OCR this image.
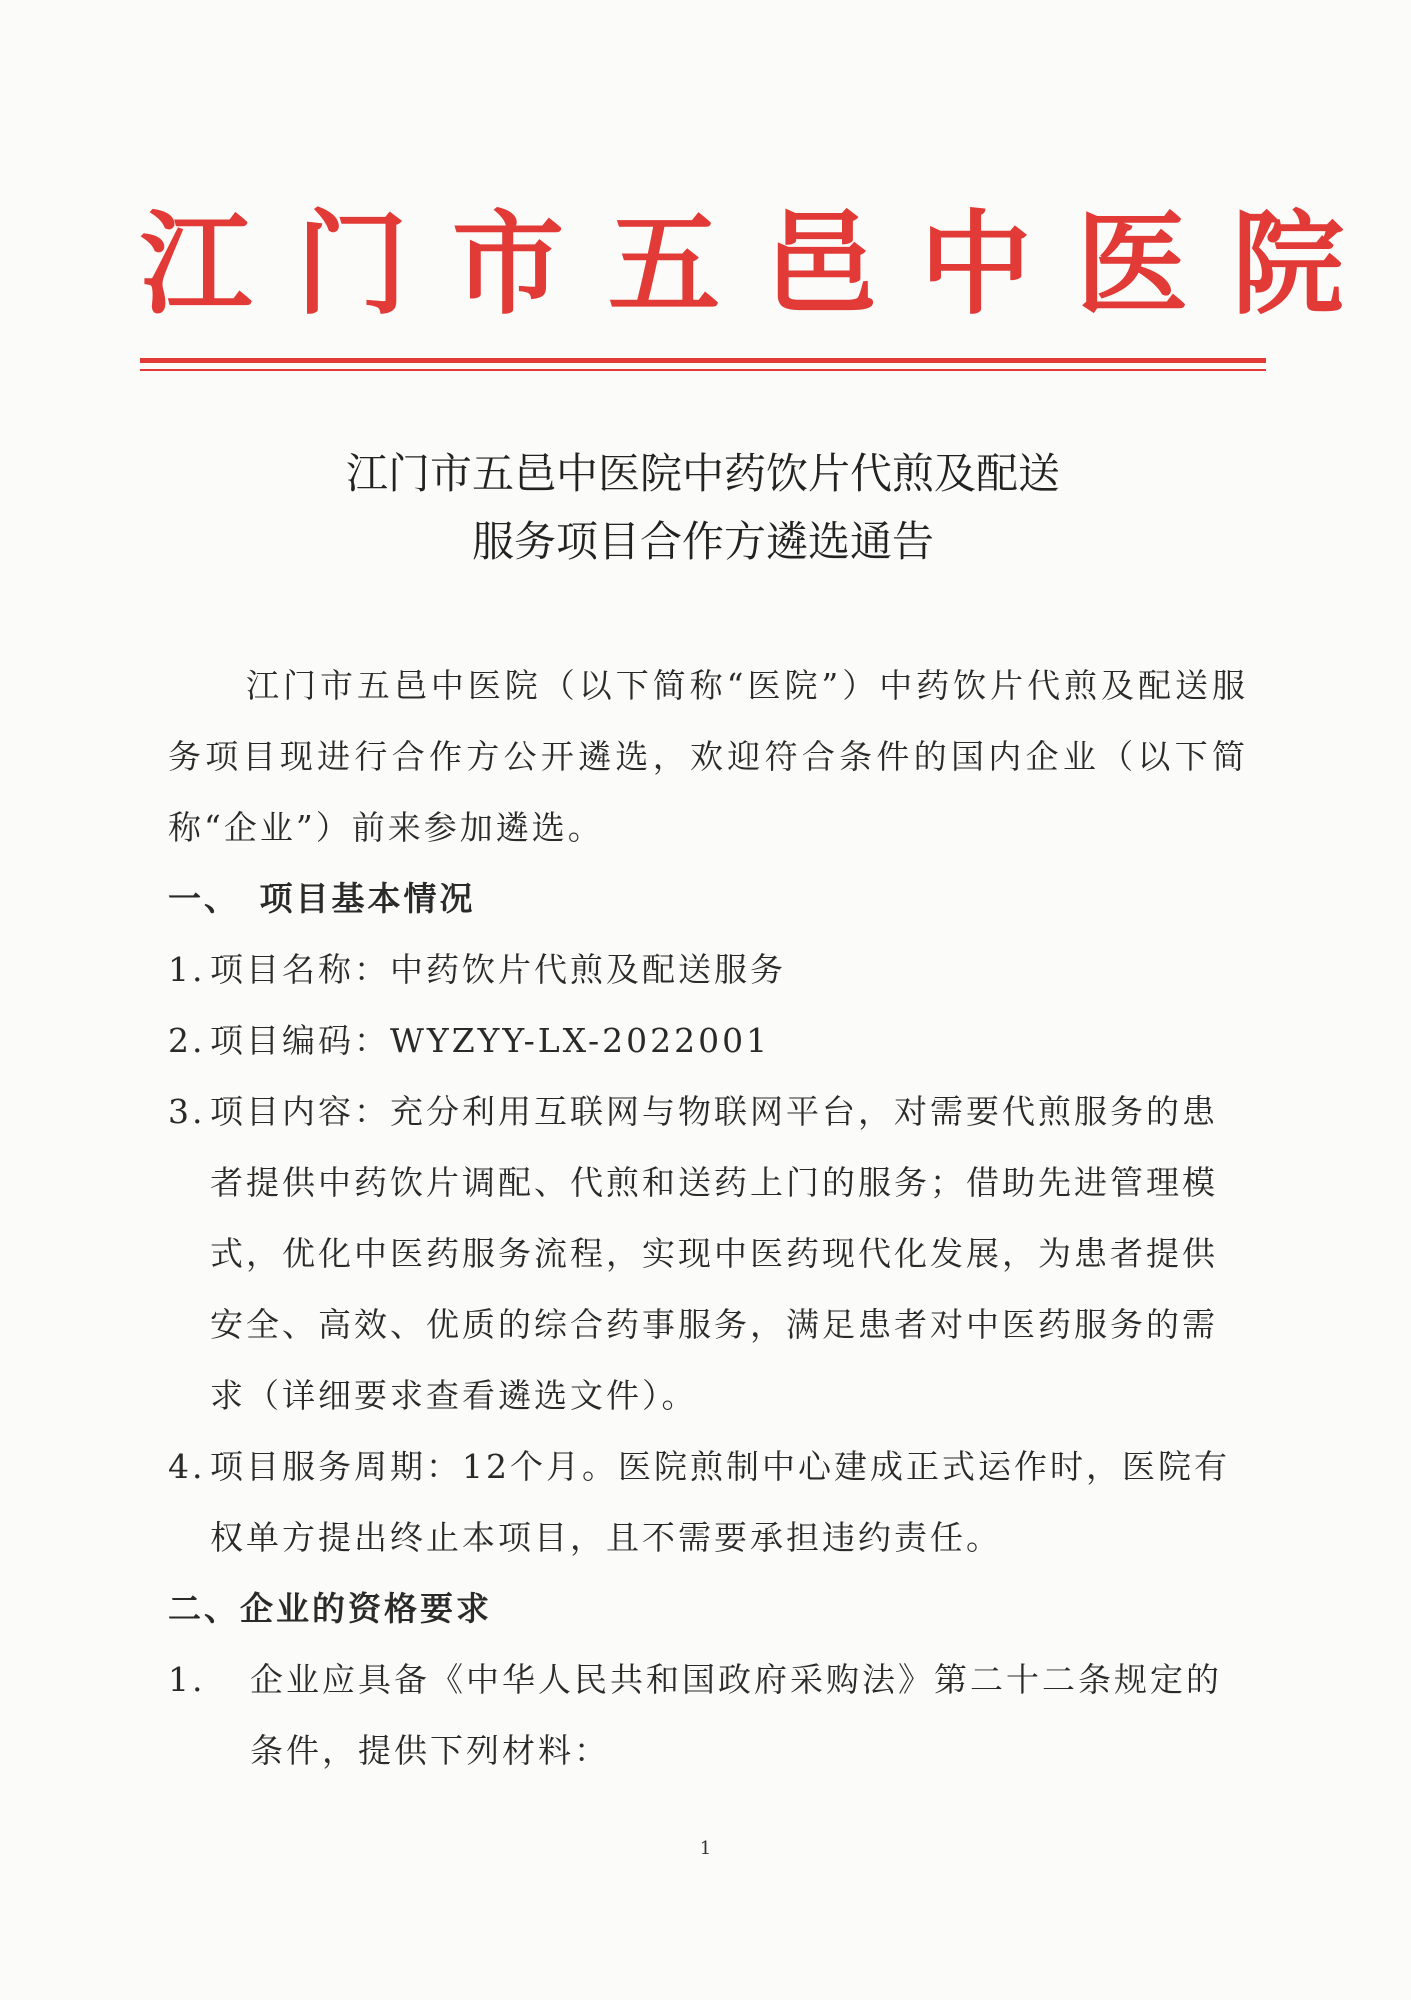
江门市五邑中医院
江门市五邑中医院中药饮片代煎及配送
服务项目合作方遴选通告

江门市五邑中医院（以下简称“医院”）中药饮片代煎及配送服务项目现进行合作方公开遴选，欢迎符合条件的国内企业（以下简称“企业”）前来参加遴选。

一、　项目基本情况

1. 项目名称：中药饮片代煎及配送服务
2. 项目编码：WYZYY-LX-2022001
3. 项目内容：充分利用互联网与物联网平台，对需要代煎服务的患者提供中药饮片调配、代煎和送药上门的服务；借助先进管理模式，优化中医药服务流程，实现中医药现代化发展，为患者提供安全、高效、优质的综合药事服务，满足患者对中医药服务的需求（详细要求查看遴选文件）。
4. 项目服务周期：12个月。医院煎制中心建成正式运作时，医院有权单方提出终止本项目，且不需要承担违约责任。

二、企业的资格要求

1.	企业应具备《中华人民共和国政府采购法》第二十二条规定的条件，提供下列材料：
1
